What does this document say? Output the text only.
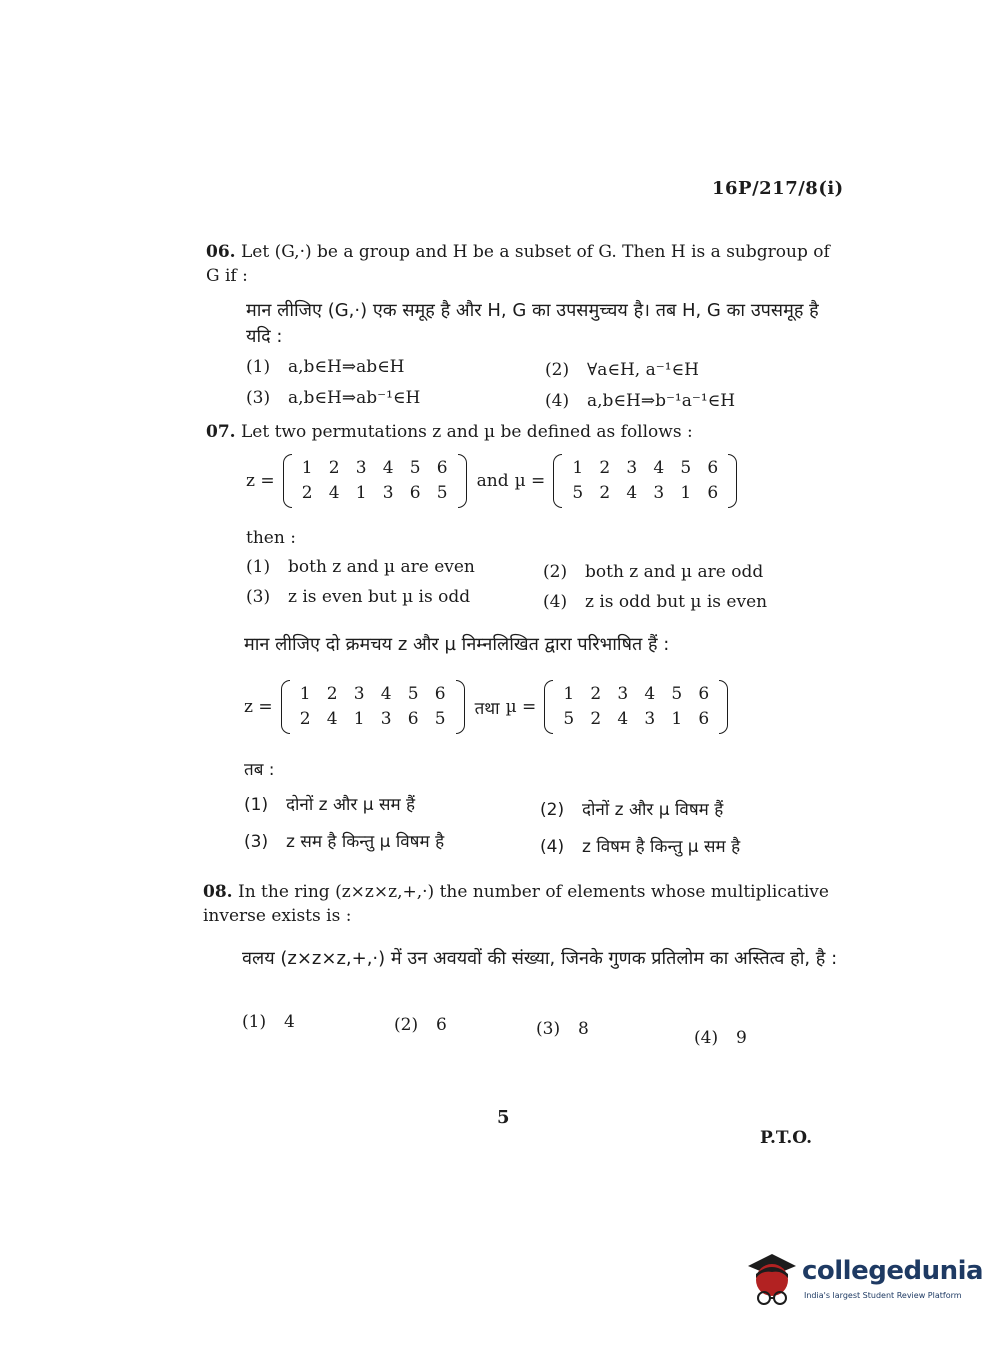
16P/217/8(i)
06. Let (G,·) be a group and H be a subset of G. Then H is a subgroup of G if :
मान लीजिए (G,·) एक समूह है और H, G का उपसमुच्चय है। तब H, G का उपसमूह है यदि :
(1) a,b∈H⇒ab∈H	(2) ∀a∈H, a⁻¹∈H
(3) a,b∈H⇒ab⁻¹∈H	(4) a,b∈H⇒b⁻¹a⁻¹∈H
07. Let two permutations z and µ be defined as follows :
z =
1 2 3 4 5 6
2 4 1 3 6 5
and µ =
1 2 3 4 5 6
5 2 4 3 1 6
then :
(1) both z and µ are even	(2) both z and µ are odd
(3) z is even but µ is odd	(4) z is odd but µ is even
मान लीजिए दो क्रमचय z और µ निम्नलिखित द्वारा परिभाषित हैं :
z =
1 2 3 4 5 6
2 4 1 3 6 5
तथा µ =
1 2 3 4 5 6
5 2 4 3 1 6
तब :
(1) दोनों z और µ सम हैं	(2) दोनों z और µ विषम हैं
(3) z सम है किन्तु µ विषम है	(4) z विषम है किन्तु µ सम है
08. In the ring (z×z×z,+,·) the number of elements whose multiplicative inverse exists is :
वलय (z×z×z,+,·) में उन अवयवों की संख्या, जिनके गुणक प्रतिलोम का अस्तित्व हो, है :
(1) 4	(2) 6	(3) 8	(4) 9
5
P.T.O.
collegedunia
India's largest Student Review Platform
